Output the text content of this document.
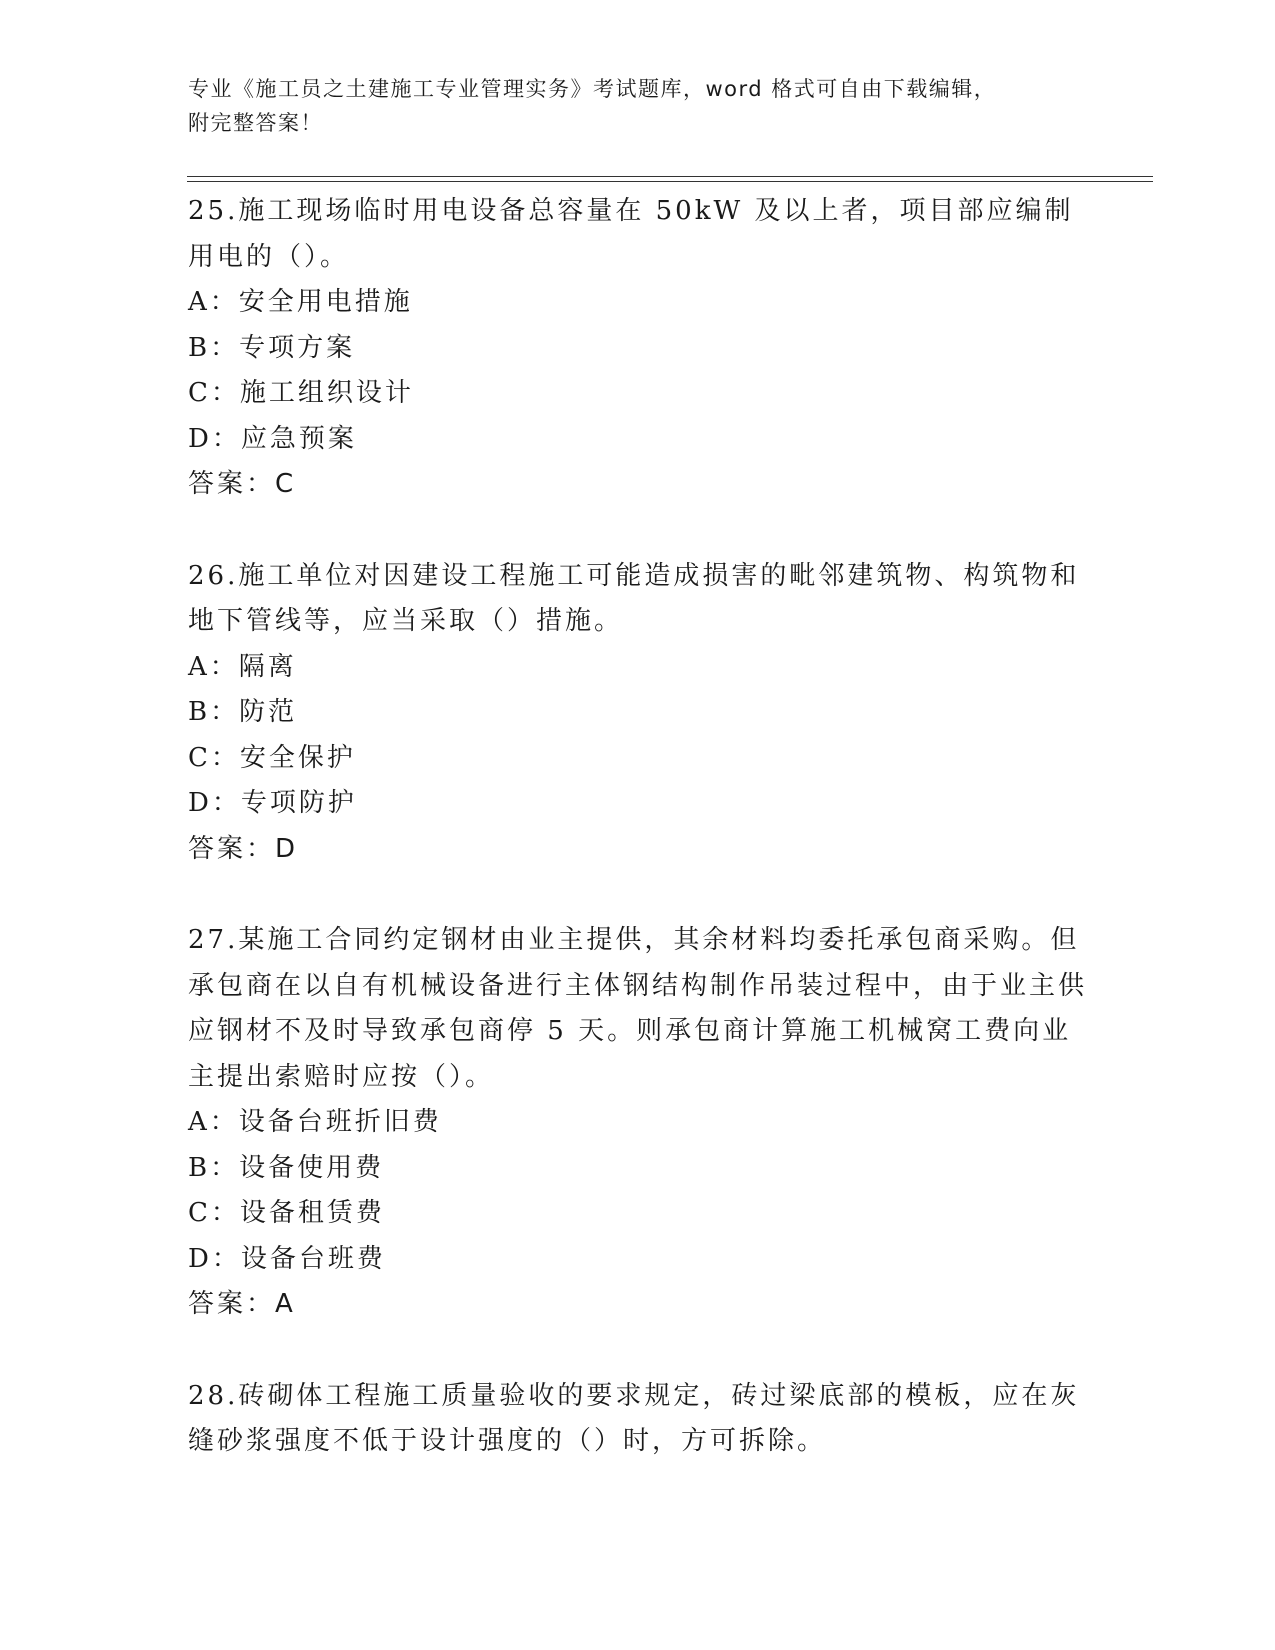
专业《施工员之土建施工专业管理实务》考试题库，word 格式可自由下载编辑，
附完整答案！

25.施工现场临时用电设备总容量在 50kW 及以上者，项目部应编制用电的（）。

A：安全用电措施

B：专项方案

C：施工组织设计

D：应急预案

答案：C

26.施工单位对因建设工程施工可能造成损害的毗邻建筑物、构筑物和地下管线等，应当采取（）措施。

A：隔离

B：防范

C：安全保护

D：专项防护

答案：D

27.某施工合同约定钢材由业主提供，其余材料均委托承包商采购。但承包商在以自有机械设备进行主体钢结构制作吊装过程中，由于业主供应钢材不及时导致承包商停 5 天。则承包商计算施工机械窝工费向业主提出索赔时应按（）。

A：设备台班折旧费

B：设备使用费

C：设备租赁费

D：设备台班费

答案：A

28.砖砌体工程施工质量验收的要求规定，砖过梁底部的模板，应在灰缝砂浆强度不低于设计强度的（）时，方可拆除。
